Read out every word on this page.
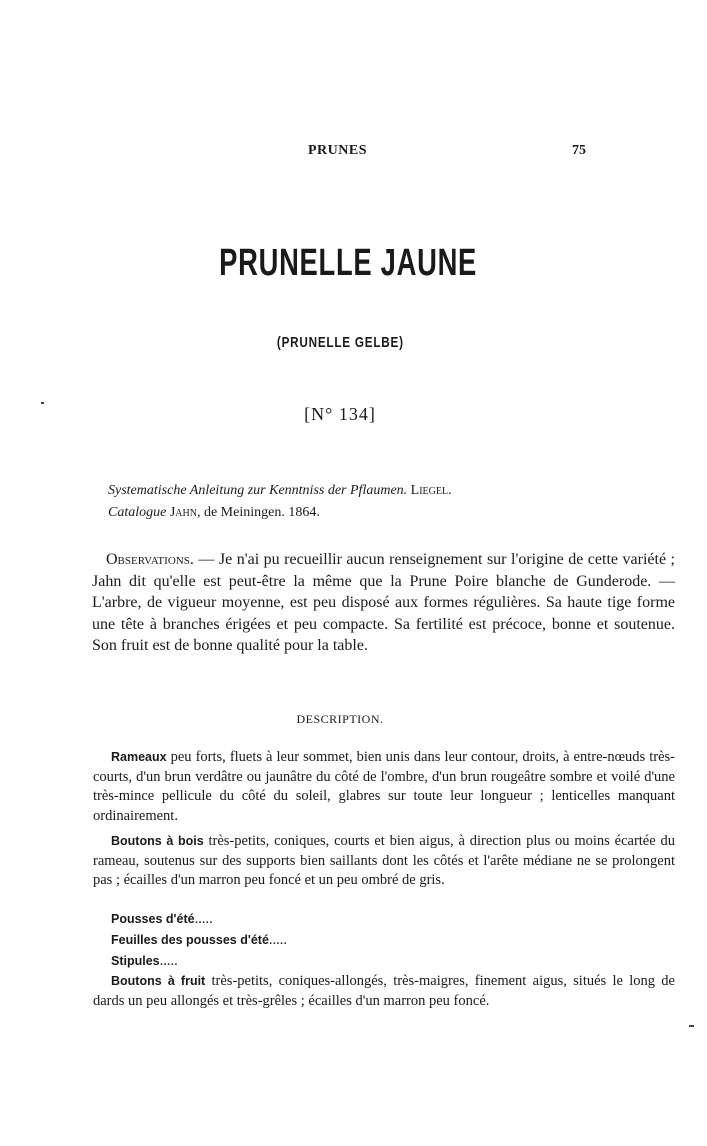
PRUNES	75
PRUNELLE JAUNE
(PRUNELLE GELBE)
[N° 134]
Systematische Anleitung zur Kenntniss der Pflaumen. Liegel.
Catalogue Jahn, de Meiningen. 1864.
Observations. — Je n'ai pu recueillir aucun renseignement sur l'origine de cette variété ; Jahn dit qu'elle est peut-être la même que la Prune Poire blanche de Gunderode. — L'arbre, de vigueur moyenne, est peu disposé aux formes régulières. Sa haute tige forme une tête à branches érigées et peu compacte. Sa fertilité est précoce, bonne et soutenue. Son fruit est de bonne qualité pour la table.
DESCRIPTION.
Rameaux peu forts, fluets à leur sommet, bien unis dans leur contour, droits, à entre-nœuds très-courts, d'un brun verdâtre ou jaunâtre du côté de l'ombre, d'un brun rougeâtre sombre et voilé d'une très-mince pellicule du côté du soleil, glabres sur toute leur longueur ; lenticelles manquant ordinairement.
Boutons à bois très-petits, coniques, courts et bien aigus, à direction plus ou moins écartée du rameau, soutenus sur des supports bien saillants dont les côtés et l'arête médiane ne se prolongent pas ; écailles d'un marron peu foncé et un peu ombré de gris.
Pousses d'été.....
Feuilles des pousses d'été.....
Stipules.....
Boutons à fruit très-petits, coniques-allongés, très-maigres, finement aigus, situés le long de dards un peu allongés et très-grêles ; écailles d'un marron peu foncé.
